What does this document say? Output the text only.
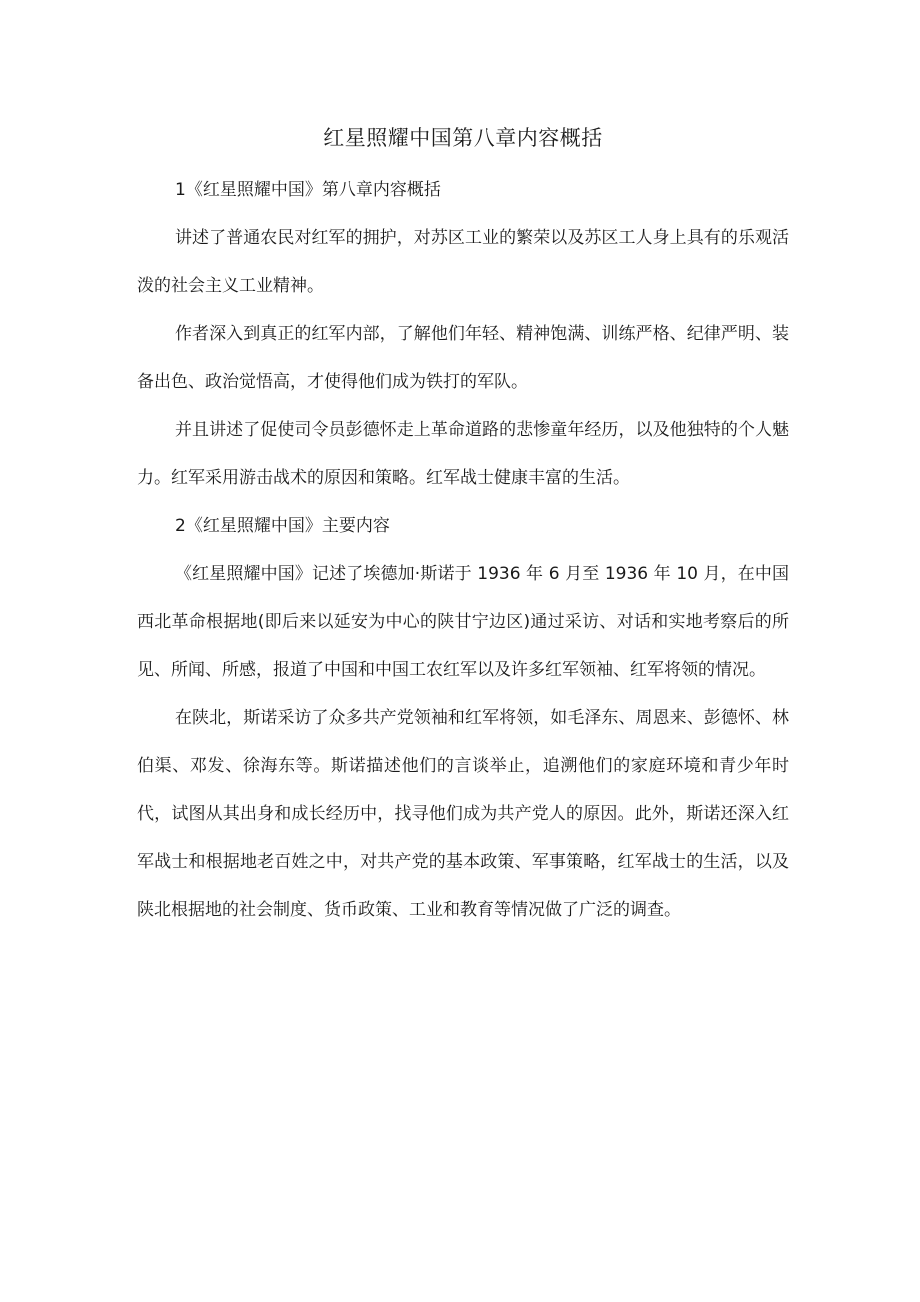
红星照耀中国第八章内容概括

1《红星照耀中国》第八章内容概括

讲述了普通农民对红军的拥护，对苏区工业的繁荣以及苏区工人身上具有的乐观活泼的社会主义工业精神。

作者深入到真正的红军内部，了解他们年轻、精神饱满、训练严格、纪律严明、装备出色、政治觉悟高，才使得他们成为铁打的军队。

并且讲述了促使司令员彭德怀走上革命道路的悲惨童年经历，以及他独特的个人魅力。红军采用游击战术的原因和策略。红军战士健康丰富的生活。

2《红星照耀中国》主要内容

《红星照耀中国》记述了埃德加·斯诺于 1936 年 6 月至 1936 年 10 月，在中国西北革命根据地(即后来以延安为中心的陕甘宁边区)通过采访、对话和实地考察后的所见、所闻、所感，报道了中国和中国工农红军以及许多红军领袖、红军将领的情况。

在陕北，斯诺采访了众多共产党领袖和红军将领，如毛泽东、周恩来、彭德怀、林伯渠、邓发、徐海东等。斯诺描述他们的言谈举止，追溯他们的家庭环境和青少年时代，试图从其出身和成长经历中，找寻他们成为共产党人的原因。此外，斯诺还深入红军战士和根据地老百姓之中，对共产党的基本政策、军事策略，红军战士的生活，以及陕北根据地的社会制度、货币政策、工业和教育等情况做了广泛的调查。
